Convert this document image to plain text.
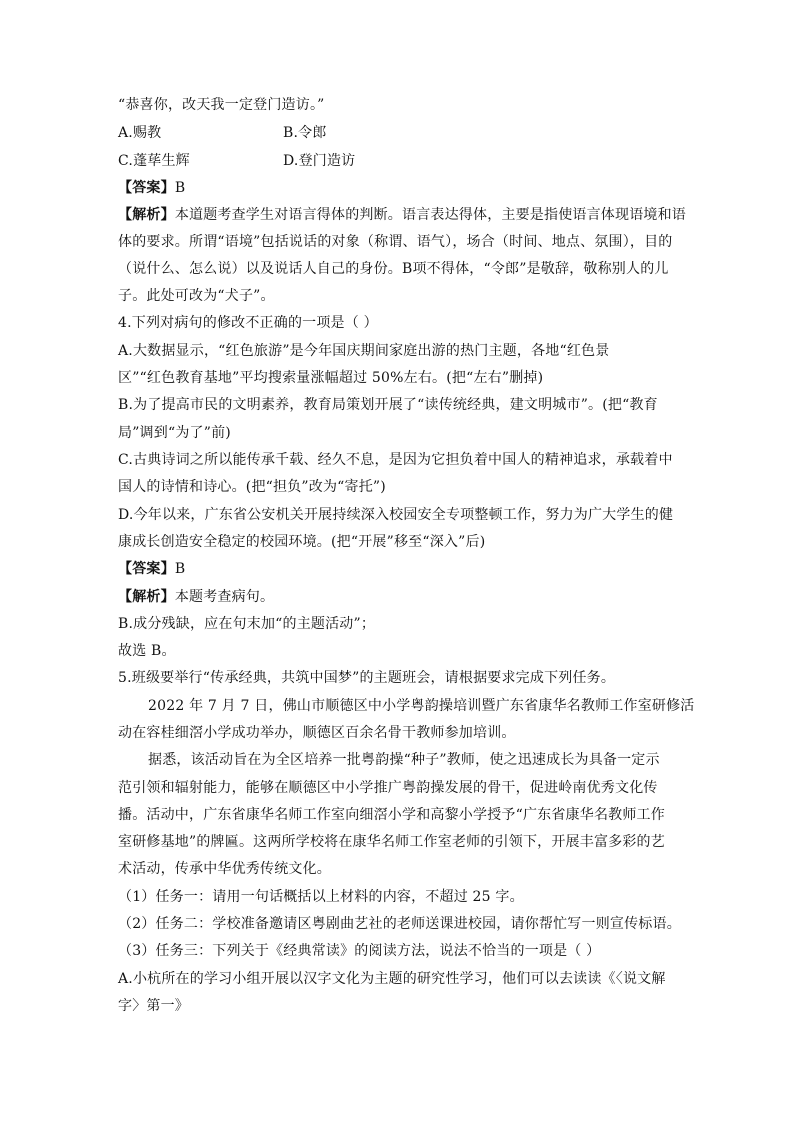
“恭喜你，改天我一定登门造访。”
A.赐教	B.令郎
C.蓬荜生辉	D.登门造访
【答案】B
【解析】本道题考查学生对语言得体的判断。语言表达得体，主要是指使语言体现语境和语
体的要求。所谓“语境”包括说话的对象（称谓、语气），场合（时间、地点、氛围），目的
（说什么、怎么说）以及说话人自己的身份。B项不得体，“令郎”是敬辞，敬称别人的儿
子。此处可改为“犬子”。
4.下列对病句的修改不正确的一项是（ ）
A.大数据显示，“红色旅游”是今年国庆期间家庭出游的热门主题，各地“红色景
区”“红色教育基地”平均搜索量涨幅超过 50%左右。(把“左右”删掉)
B.为了提高市民的文明素养，教育局策划开展了“读传统经典，建文明城市”。(把“教育
局”调到“为了”前)
C.古典诗词之所以能传承千载、经久不息，是因为它担负着中国人的精神追求，承载着中
国人的诗情和诗心。(把“担负”改为“寄托”)
D.今年以来，广东省公安机关开展持续深入校园安全专项整顿工作，努力为广大学生的健
康成长创造安全稳定的校园环境。(把“开展”移至“深入”后)
【答案】B
【解析】本题考查病句。
B.成分残缺，应在句末加“的主题活动”；
故选 B。
5.班级要举行“传承经典，共筑中国梦”的主题班会，请根据要求完成下列任务。
2022 年 7 月 7 日，佛山市顺德区中小学粤韵操培训暨广东省康华名教师工作室研修活
动在容桂细滘小学成功举办，顺德区百余名骨干教师参加培训。
据悉，该活动旨在为全区培养一批粤韵操“种子”教师，使之迅速成长为具备一定示
范引领和辐射能力，能够在顺德区中小学推广粤韵操发展的骨干，促进岭南优秀文化传
播。活动中，广东省康华名师工作室向细滘小学和高黎小学授予“广东省康华名教师工作
室研修基地”的牌匾。这两所学校将在康华名师工作室老师的引领下，开展丰富多彩的艺
术活动，传承中华优秀传统文化。
（1）任务一：请用一句话概括以上材料的内容，不超过 25 字。
（2）任务二：学校准备邀请区粤剧曲艺社的老师送课进校园，请你帮忙写一则宣传标语。
（3）任务三：下列关于《经典常读》的阅读方法，说法不恰当的一项是（ ）
A.小杭所在的学习小组开展以汉字文化为主题的研究性学习，他们可以去读读《〈说文解
字〉第一》
